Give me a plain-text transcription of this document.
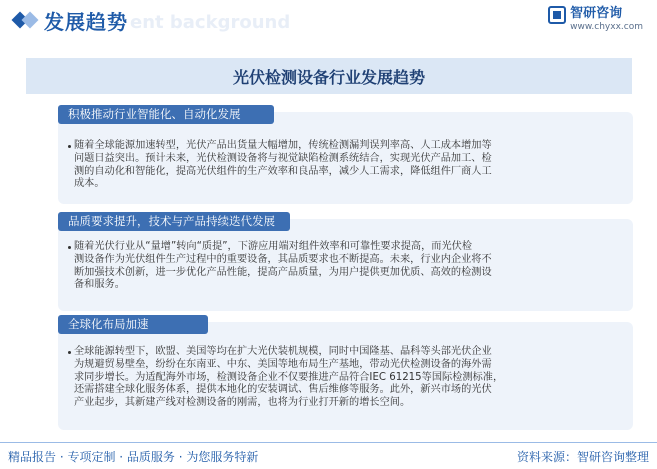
发展趋势 ent background	智研咨询
www.chyxx.com
光伏检测设备行业发展趋势
积极推动行业智能化、自动化发展
随着全球能源加速转型，光伏产品出货量大幅增加，传统检测漏判误判率高、人工成本增加等
问题日益突出。预计未来，光伏检测设备将与视觉缺陷检测系统结合，实现光伏产品加工、检
测的自动化和智能化，提高光伏组件的生产效率和良品率，减少人工需求，降低组件厂商人工
成本。
品质要求提升，技术与产品持续迭代发展
随着光伏行业从“量增”转向“质提”，下游应用端对组件效率和可靠性要求提高，而光伏检
测设备作为光伏组件生产过程中的重要设备，其品质要求也不断提高。未来，行业内企业将不
断加强技术创新，进一步优化产品性能，提高产品质量，为用户提供更加优质、高效的检测设
备和服务。
全球化布局加速
全球能源转型下，欧盟、美国等均在扩大光伏装机规模，同时中国隆基、晶科等头部光伏企业
为规避贸易壁垒，纷纷在东南亚、中东、美国等地布局生产基地，带动光伏检测设备的海外需
求同步增长。为适配海外市场，检测设备企业不仅要推进产品符合IEC 61215等国际检测标准，
还需搭建全球化服务体系，提供本地化的安装调试、售后维修等服务。此外，新兴市场的光伏
产业起步，其新建产线对检测设备的刚需，也将为行业打开新的增长空间。
精品报告 · 专项定制 · 品质服务 · 为您服务特新	资料来源：智研咨询整理
